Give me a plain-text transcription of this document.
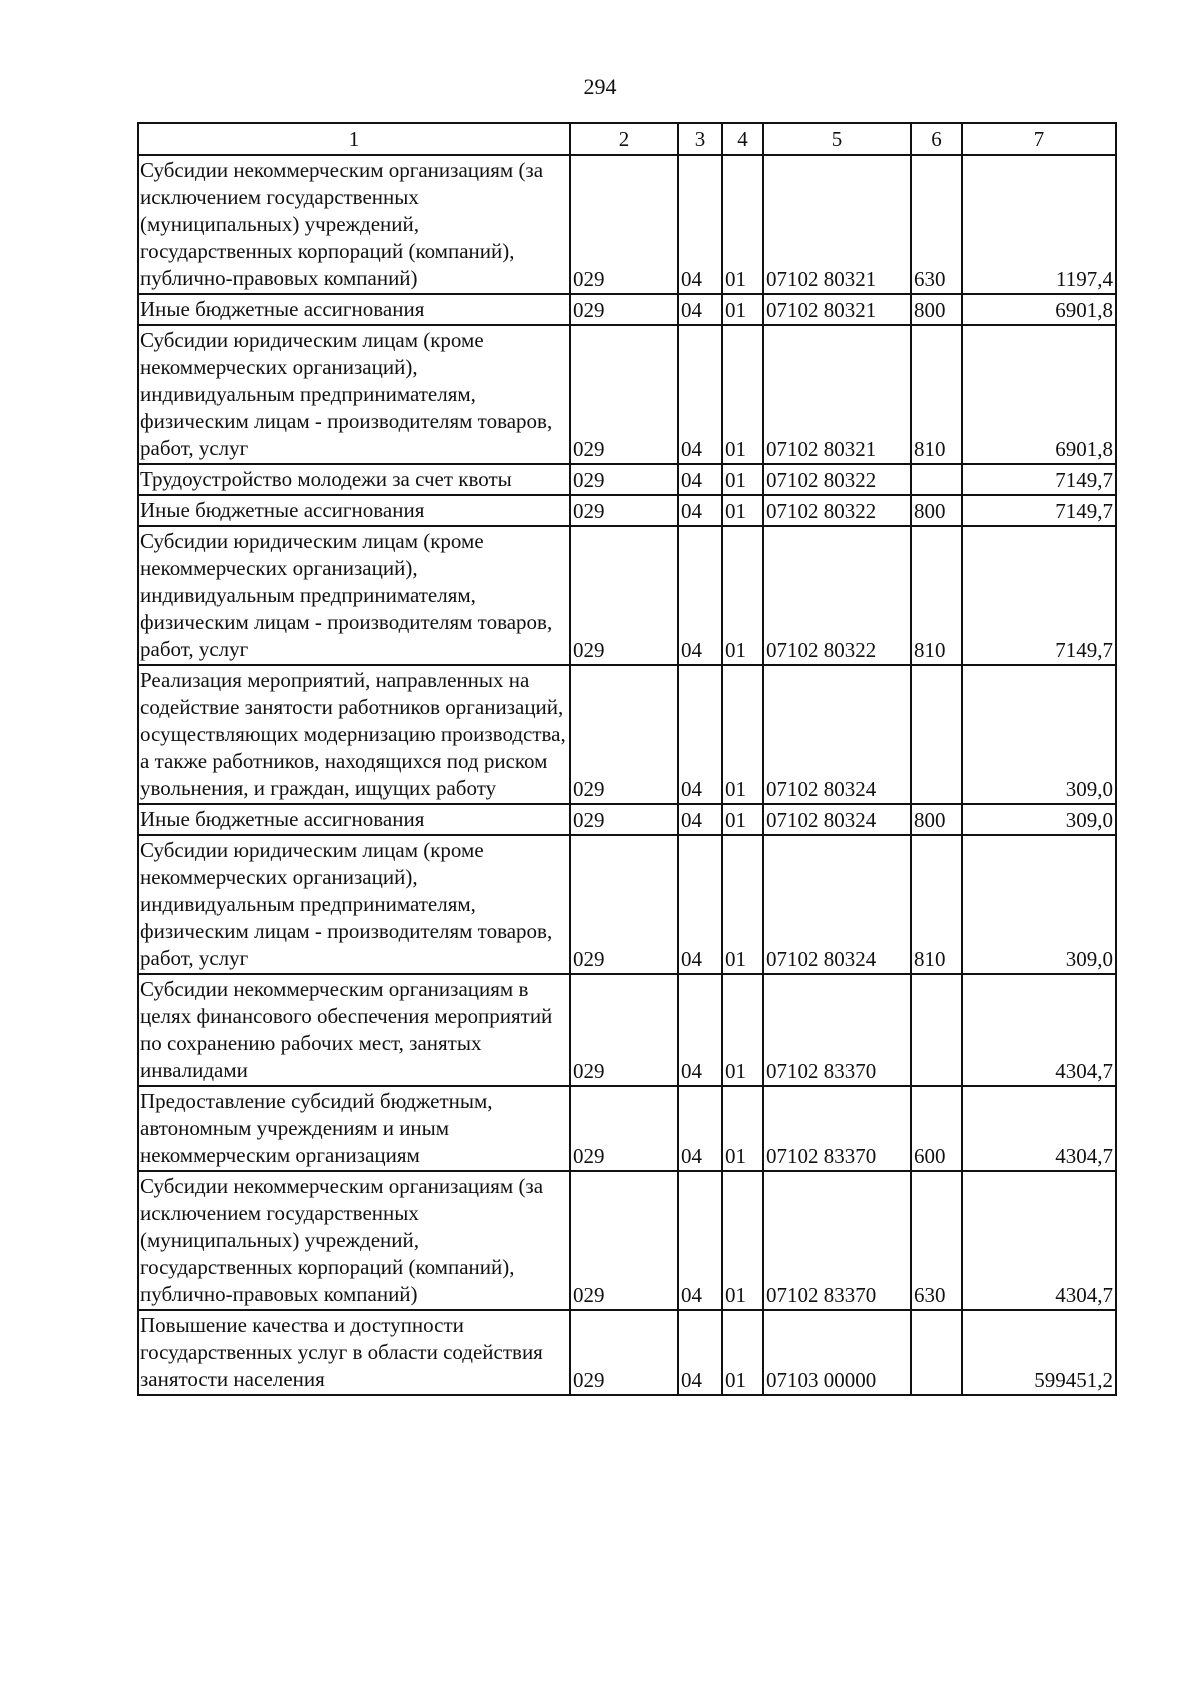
294
1	2	3	4	5	6	7
Субсидии некоммерческим организациям (за исключением государственных (муниципальных) учреждений, государственных корпораций (компаний), публично-правовых компаний)	029	04	01	07102 80321	630	1197,4
Иные бюджетные ассигнования	029	04	01	07102 80321	800	6901,8
Субсидии юридическим лицам (кроме некоммерческих организаций), индивидуальным предпринимателям, физическим лицам - производителям товаров, работ, услуг	029	04	01	07102 80321	810	6901,8
Трудоустройство молодежи за счет квоты	029	04	01	07102 80322		7149,7
Иные бюджетные ассигнования	029	04	01	07102 80322	800	7149,7
Субсидии юридическим лицам (кроме некоммерческих организаций), индивидуальным предпринимателям, физическим лицам - производителям товаров, работ, услуг	029	04	01	07102 80322	810	7149,7
Реализация мероприятий, направленных на содействие занятости работников организаций, осуществляющих модернизацию производства, а также работников, находящихся под риском увольнения, и граждан, ищущих работу	029	04	01	07102 80324		309,0
Иные бюджетные ассигнования	029	04	01	07102 80324	800	309,0
Субсидии юридическим лицам (кроме некоммерческих организаций), индивидуальным предпринимателям, физическим лицам - производителям товаров, работ, услуг	029	04	01	07102 80324	810	309,0
Субсидии некоммерческим организациям в целях финансового обеспечения мероприятий по сохранению рабочих мест, занятых инвалидами	029	04	01	07102 83370		4304,7
Предоставление субсидий бюджетным, автономным учреждениям и иным некоммерческим организациям	029	04	01	07102 83370	600	4304,7
Субсидии некоммерческим организациям (за исключением государственных (муниципальных) учреждений, государственных корпораций (компаний), публично-правовых компаний)	029	04	01	07102 83370	630	4304,7
Повышение качества и доступности государственных услуг в области содействия занятости населения	029	04	01	07103 00000		599451,2
